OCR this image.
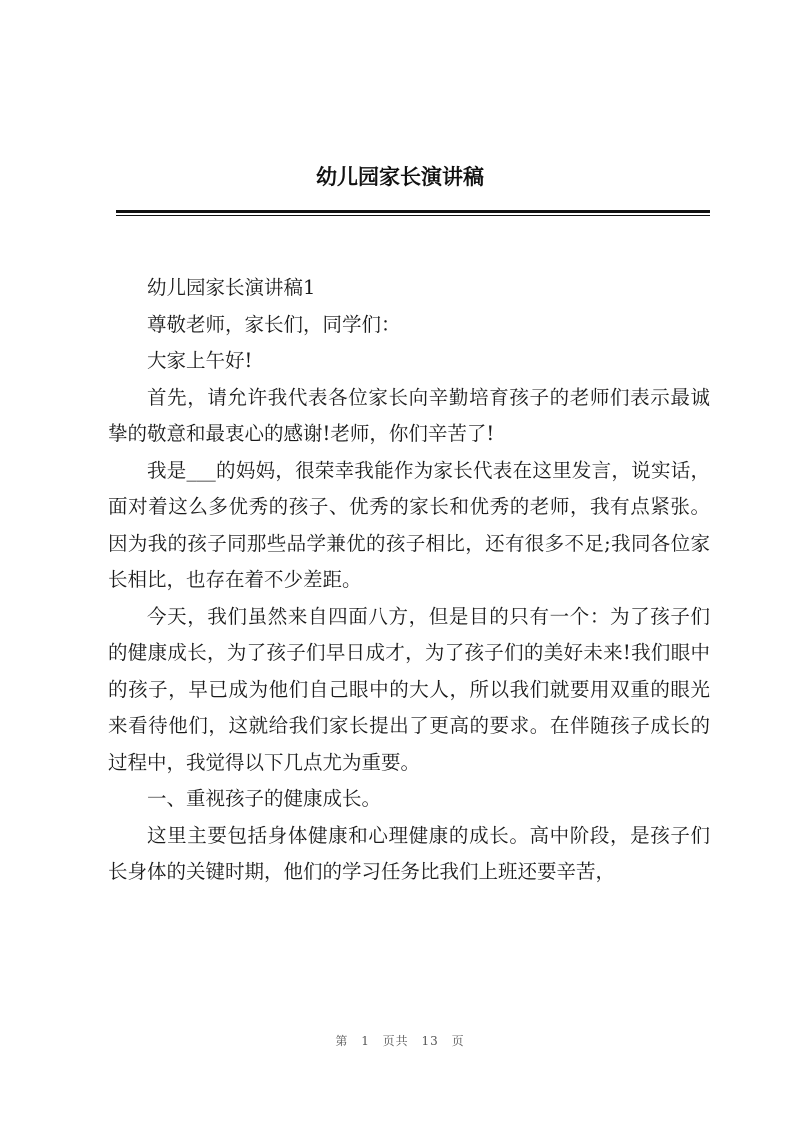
幼儿园家长演讲稿

幼儿园家长演讲稿1

尊敬老师，家长们，同学们：

大家上午好!

首先，请允许我代表各位家长向辛勤培育孩子的老师们表示最诚挚的敬意和最衷心的感谢!老师，你们辛苦了!

我是___的妈妈，很荣幸我能作为家长代表在这里发言，说实话，面对着这么多优秀的孩子、优秀的家长和优秀的老师，我有点紧张。因为我的孩子同那些品学兼优的孩子相比，还有很多不足;我同各位家长相比，也存在着不少差距。

今天，我们虽然来自四面八方，但是目的只有一个：为了孩子们的健康成长，为了孩子们早日成才，为了孩子们的美好未来!我们眼中的孩子，早已成为他们自己眼中的大人，所以我们就要用双重的眼光来看待他们，这就给我们家长提出了更高的要求。在伴随孩子成长的过程中，我觉得以下几点尤为重要。

一、重视孩子的健康成长。

这里主要包括身体健康和心理健康的成长。高中阶段，是孩子们长身体的关键时期，他们的学习任务比我们上班还要辛苦，

第 1 页共 13 页
